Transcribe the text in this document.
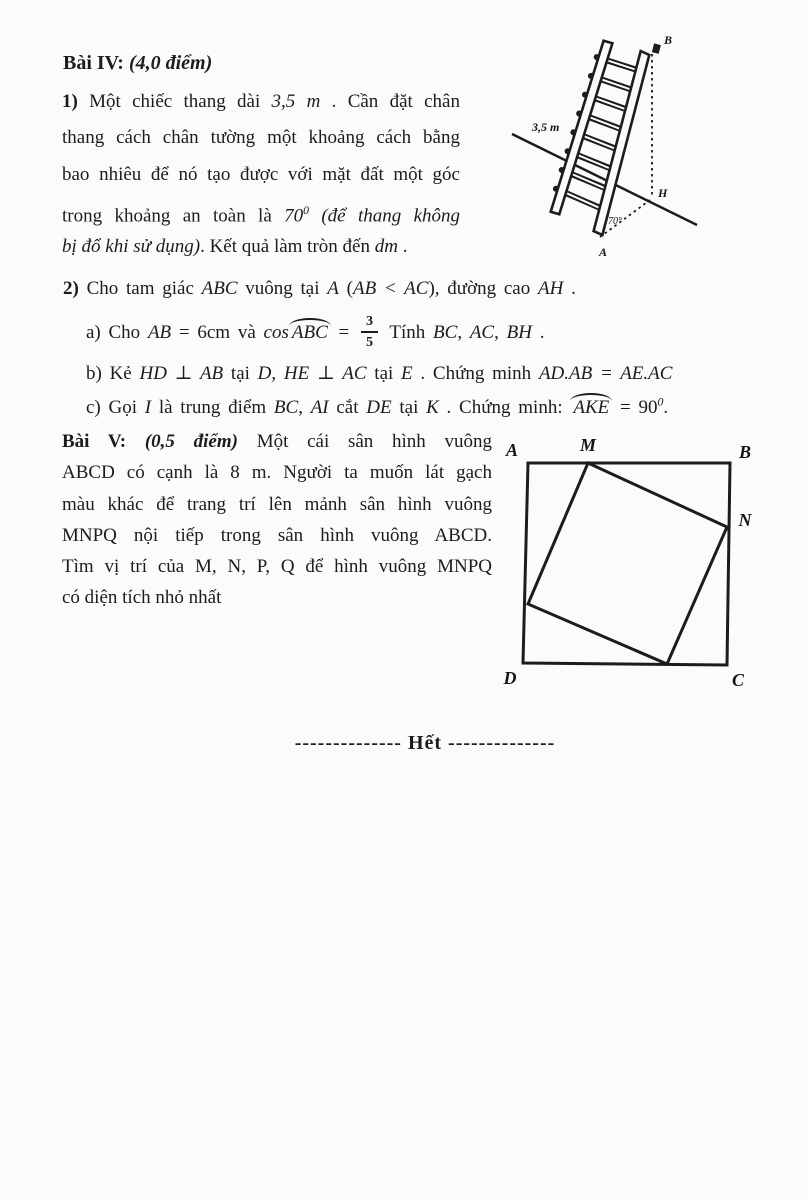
Bài IV: (4,0 điểm)
1) Một chiếc thang dài 3,5 m . Cần đặt chân
thang cách chân tường một khoảng cách bằng
bao nhiêu để nó tạo được với mặt đất một góc
trong khoảng an toàn là $70^0$ (để thang không
bị đổ khi sử dụng). Kết quả làm tròn đến dm .
3,5 m
B
H
A
70°
2) Cho tam giác ABC vuông tại A (AB < AC), đường cao AH .
a) Cho AB = 6cm và cos ABC = $\frac{3}{5}$ Tính BC, AC, BH .
b) Kẻ HD ⊥ AB tại D, HE ⊥ AC tại E . Chứng minh AD.AB = AE.AC
c) Gọi I là trung điểm BC, AI cắt DE tại K . Chứng minh: AKE = $90^0$.
Bài V: (0,5 điểm) Một cái sân hình vuông
ABCD có cạnh là 8 m. Người ta muốn lát gạch
màu khác để trang trí lên mảnh sân hình vuông
MNPQ nội tiếp trong sân hình vuông ABCD.
Tìm vị trí của M, N, P, Q để hình vuông MNPQ
có diện tích nhỏ nhất
A	M	B
N
D	C
-------------- Hết --------------
